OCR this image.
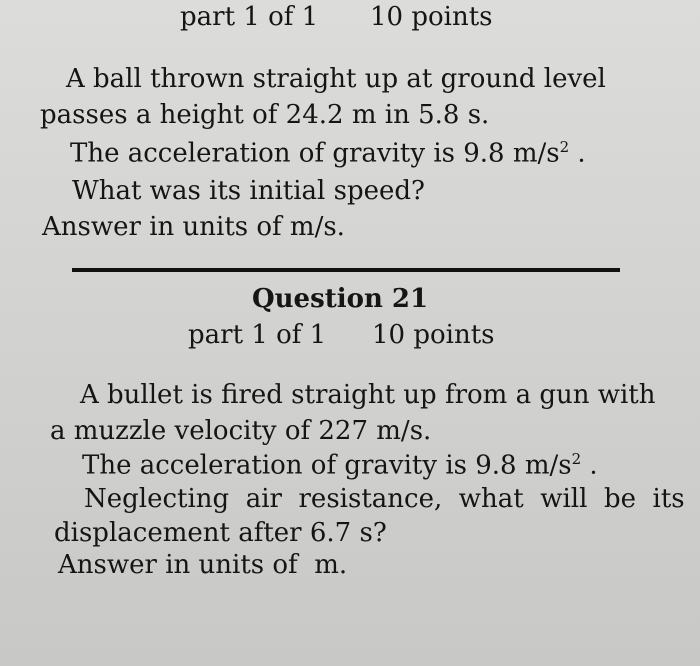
part 1 of 1 10 points
A ball thrown straight up at ground level
passes a height of 24.2 m in 5.8 s.
The acceleration of gravity is 9.8 $m/s^2$ .
What was its initial speed?
Answer in units of m/s.
Question 21
part 1 of 1 10 points
A bullet is fired straight up from a gun with
a muzzle velocity of 227 m/s.
The acceleration of gravity is 9.8 $m/s^2$ .
Neglecting  air  resistance,  what  will  be  its
displacement after 6.7 s?
Answer in units of  m.
